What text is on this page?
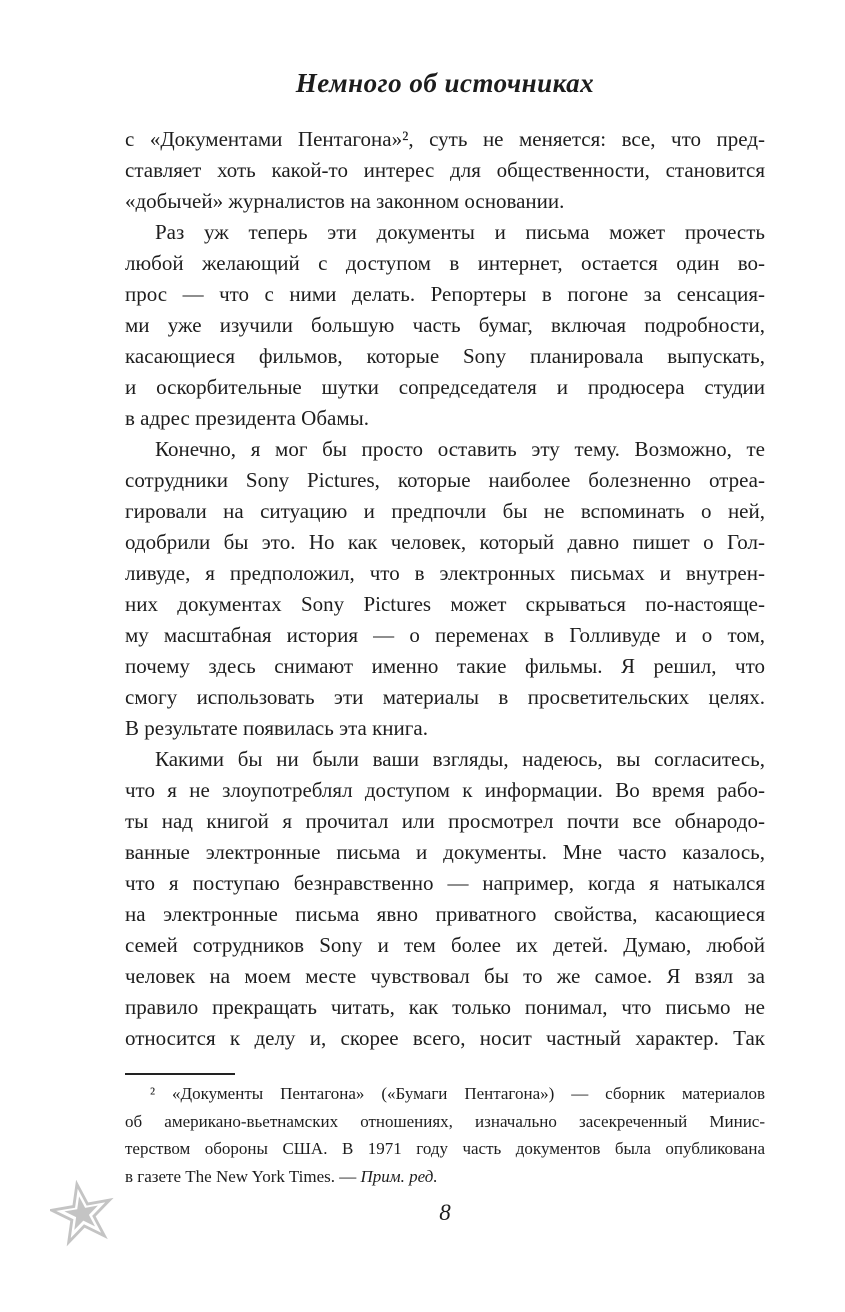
Немного об источниках
с «Документами Пентагона»², суть не меняется: все, что пред-
ставляет хоть какой-то интерес для общественности, становится
«добычей» журналистов на законном основании.
Раз уж теперь эти документы и письма может прочесть
любой желающий с доступом в интернет, остается один во-
прос — что с ними делать. Репортеры в погоне за сенсация-
ми уже изучили большую часть бумаг, включая подробности,
касающиеся фильмов, которые Sony планировала выпускать,
и оскорбительные шутки сопредседателя и продюсера студии
в адрес президента Обамы.
Конечно, я мог бы просто оставить эту тему. Возможно, те
сотрудники Sony Pictures, которые наиболее болезненно отреа-
гировали на ситуацию и предпочли бы не вспоминать о ней,
одобрили бы это. Но как человек, который давно пишет о Гол-
ливуде, я предположил, что в электронных письмах и внутрен-
них документах Sony Pictures может скрываться по-настояще-
му масштабная история — о переменах в Голливуде и о том,
почему здесь снимают именно такие фильмы. Я решил, что
смогу использовать эти материалы в просветительских целях.
В результате появилась эта книга.
Какими бы ни были ваши взгляды, надеюсь, вы согласитесь,
что я не злоупотреблял доступом к информации. Во время рабо-
ты над книгой я прочитал или просмотрел почти все обнародо-
ванные электронные письма и документы. Мне часто казалось,
что я поступаю безнравственно — например, когда я натыкался
на электронные письма явно приватного свойства, касающиеся
семей сотрудников Sony и тем более их детей. Думаю, любой
человек на моем месте чувствовал бы то же самое. Я взял за
правило прекращать читать, как только понимал, что письмо не
относится к делу и, скорее всего, носит частный характер. Так
² «Документы Пентагона» («Бумаги Пентагона») — сборник материалов
об американо-вьетнамских отношениях, изначально засекреченный Минис-
терством обороны США. В 1971 году часть документов была опубликована
в газете The New York Times. — Прим. ред.
8
